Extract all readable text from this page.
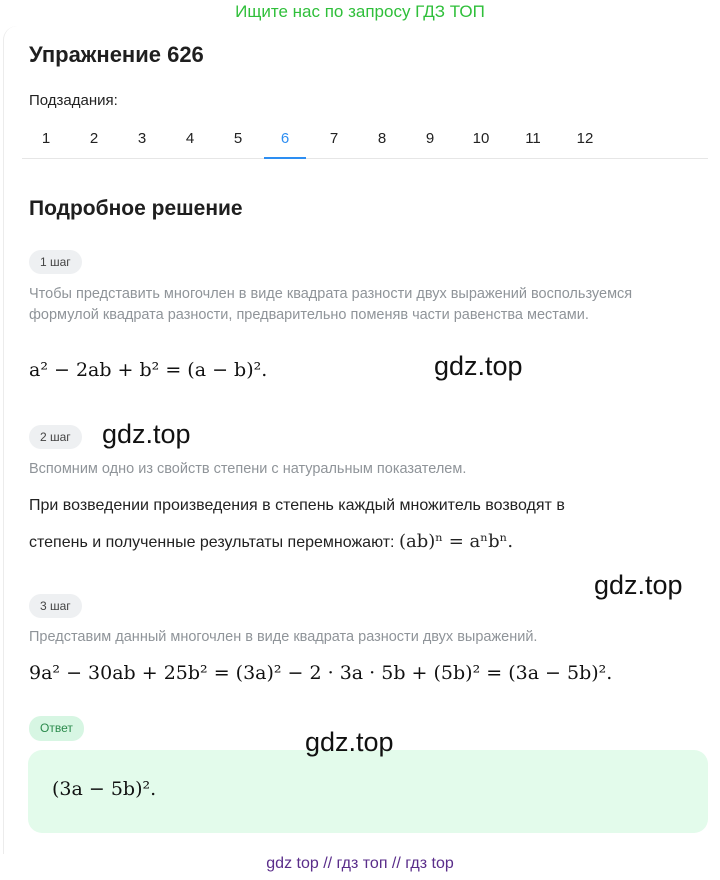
Ищите нас по запросу ГДЗ ТОП
Упражнение 626
Подзадания:
1	2	3	4	5	6	7	8	9	10	11	12
Подробное решение
1 шаг
Чтобы представить многочлен в виде квадрата разности двух выражений воспользуемся формулой квадрата разности, предварительно поменяв части равенства местами.
a² − 2ab + b² = (a − b)².
2 шаг
Вспомним одно из свойств степени с натуральным показателем.
При возведении произведения в степень каждый множитель возводят в
степень и полученные результаты перемножают: (ab)ⁿ = aⁿbⁿ.
3 шаг
Представим данный многочлен в виде квадрата разности двух выражений.
9a² − 30ab + 25b² = (3a)² − 2 · 3a · 5b + (5b)² = (3a − 5b)².
Ответ
(3a − 5b)².
gdz.top
gdz.top
gdz.top
gdz.top
gdz top // гдз топ // гдз top
